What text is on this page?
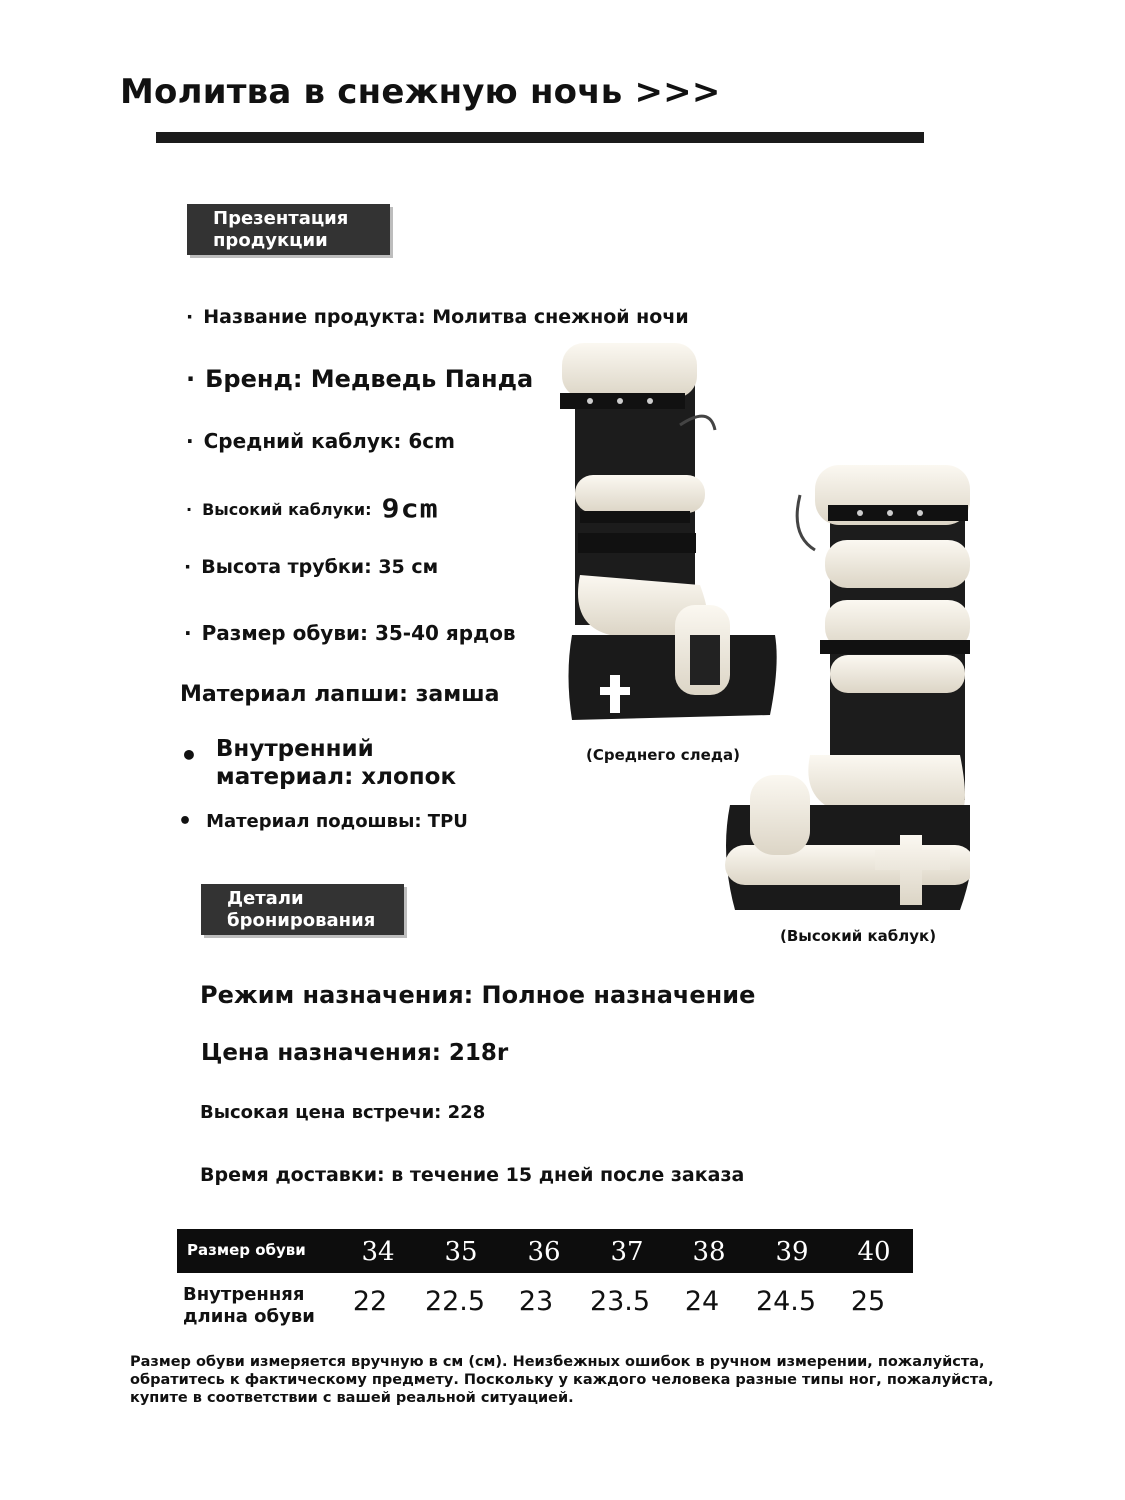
Молитва в снежную ночь >>>
Презентация продукции
· Название продукта: Молитва снежной ночи
· Бренд: Медведь Панда
· Средний каблук: 6cm
· Высокий каблуки: 9cm
· Высота трубки: 35 см
· Размер обуви: 35-40 ярдов
Материал лапши: замша
• Внутренний материал: хлопок
• Материал подошвы: TPU
(Среднего следа)
(Высокий каблук)
Детали бронирования
Режим назначения: Полное назначение
Цена назначения: 218r
Высокая цена встречи: 228
Время доставки: в течение 15 дней после заказа
Размер обуви	34	35	36	37	38	39	40
Внутренняя длина обуви	22	22.5	23	23.5	24	24.5	25
Размер обуви измеряется вручную в см (см). Неизбежных ошибок в ручном измерении, пожалуйста, обратитесь к фактическому предмету. Поскольку у каждого человека разные типы ног, пожалуйста, купите в соответствии с вашей реальной ситуацией.
